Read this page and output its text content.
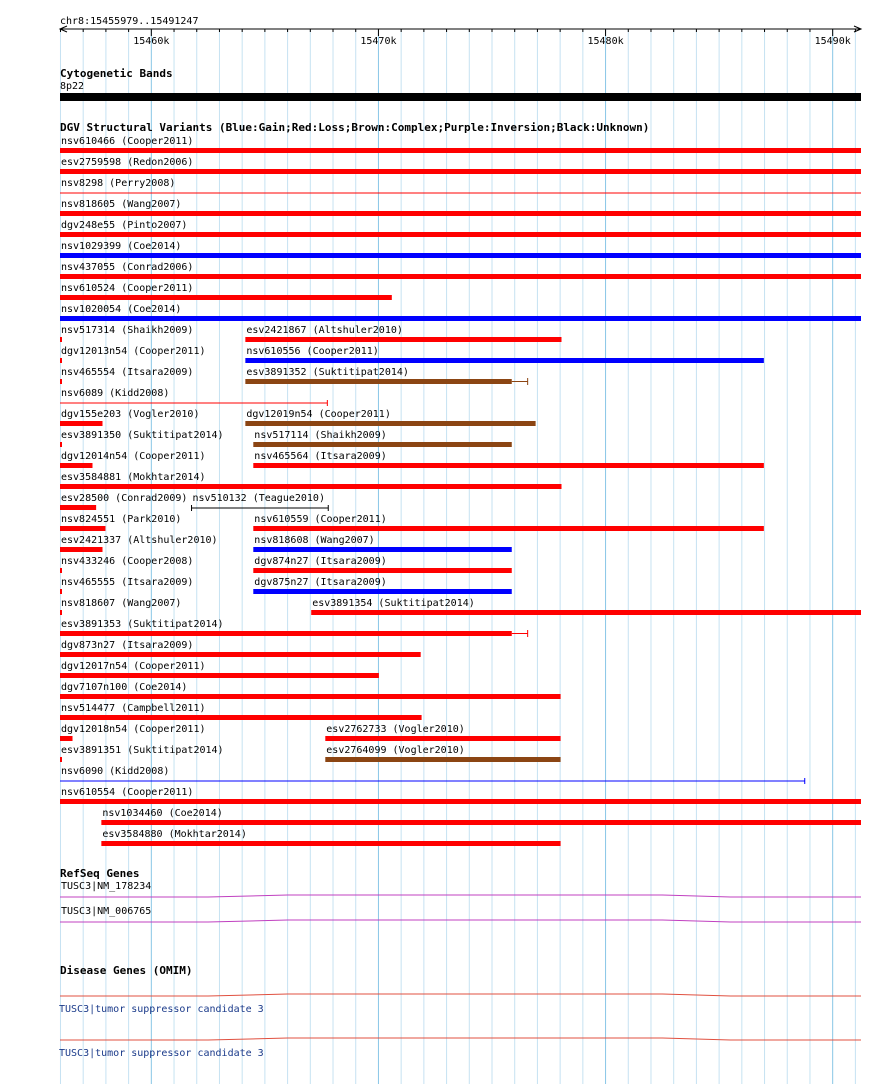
chr8:15455979..15491247
15460k	15470k	15480k	15490k
Cytogenetic Bands
8p22
DGV Structural Variants (Blue:Gain;Red:Loss;Brown:Complex;Purple:Inversion;Black:Unknown)
nsv610466 (Cooper2011)
esv2759598 (Redon2006)
nsv8298 (Perry2008)
nsv818605 (Wang2007)
dgv248e55 (Pinto2007)
nsv1029399 (Coe2014)
nsv437055 (Conrad2006)
nsv610524 (Cooper2011)
nsv1020054 (Coe2014)
nsv517314 (Shaikh2009)	esv2421867 (Altshuler2010)
dgv12013n54 (Cooper2011)	nsv610556 (Cooper2011)
nsv465554 (Itsara2009)	esv3891352 (Suktitipat2014)
nsv6089 (Kidd2008)
dgv155e203 (Vogler2010)	dgv12019n54 (Cooper2011)
esv3891350 (Suktitipat2014)	nsv517114 (Shaikh2009)
dgv12014n54 (Cooper2011)	nsv465564 (Itsara2009)
esv3584881 (Mokhtar2014)
esv28500 (Conrad2009) nsv510132 (Teague2010)
nsv824551 (Park2010)	nsv610559 (Cooper2011)
esv2421337 (Altshuler2010)	nsv818608 (Wang2007)
nsv433246 (Cooper2008)	dgv874n27 (Itsara2009)
nsv465555 (Itsara2009)	dgv875n27 (Itsara2009)
nsv818607 (Wang2007)	esv3891354 (Suktitipat2014)
esv3891353 (Suktitipat2014)
dgv873n27 (Itsara2009)
dgv12017n54 (Cooper2011)
dgv7107n100 (Coe2014)
nsv514477 (Campbell2011)
dgv12018n54 (Cooper2011)	esv2762733 (Vogler2010)
esv3891351 (Suktitipat2014)	esv2764099 (Vogler2010)
nsv6090 (Kidd2008)
nsv610554 (Cooper2011)
nsv1034460 (Coe2014)
esv3584880 (Mokhtar2014)
RefSeq Genes
TUSC3|NM_178234
TUSC3|NM_006765
Disease Genes (OMIM)
TUSC3|tumor suppressor candidate 3
TUSC3|tumor suppressor candidate 3
